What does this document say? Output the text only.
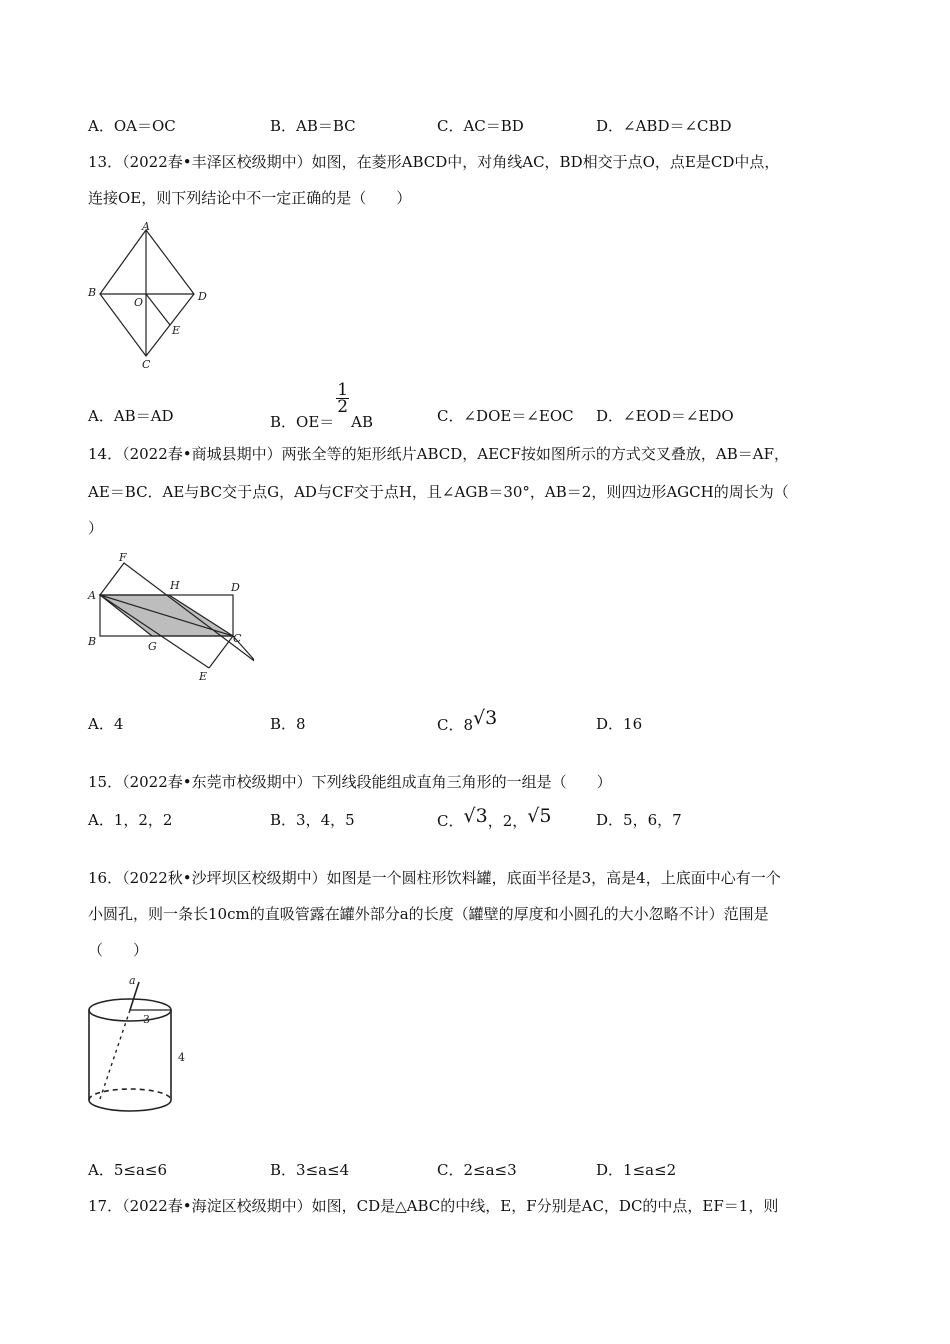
A．OA＝OC	B．AB＝BC	C．AC＝BD	D．∠ABD＝∠CBD
13．（2022春•丰泽区校级期中）如图，在菱形ABCD中，对角线AC，BD相交于点O，点E是CD中点，
连接OE，则下列结论中不一定正确的是（　　）
A
B
C
D
O
E
A．AB＝AD	B．OE＝
$\frac{1}{2}$
AB	C．∠DOE＝∠EOC D．∠EOD＝∠EDO
14．（2022春•商城县期中）两张全等的矩形纸片ABCD，AECF按如图所示的方式交叉叠放，AB＝AF，
AE＝BC．AE与BC交于点G，AD与CF交于点H，且∠AGB＝30°，AB＝2，则四边形AGCH的周长为（
）
F
H	D
A
B	G
C
E
A．4	B．8	C．8√3	D．16
15．（2022春•东莞市校级期中）下列线段能组成直角三角形的一组是（　　）
A．1，2，2	B．3，4，5	C．√3，2，√5	D．5，6，7
16．（2022秋•沙坪坝区校级期中）如图是一个圆柱形饮料罐，底面半径是3，高是4，上底面中心有一个
小圆孔，则一条长10cm的直吸管露在罐外部分a的长度（罐壁的厚度和小圆孔的大小忽略不计）范围是
（　　）
a
3
4
A．5≤a≤6	B．3≤a≤4	C．2≤a≤3	D．1≤a≤2
17．（2022春•海淀区校级期中）如图，CD是△ABC的中线，E，F分别是AC，DC的中点，EF＝1，则
